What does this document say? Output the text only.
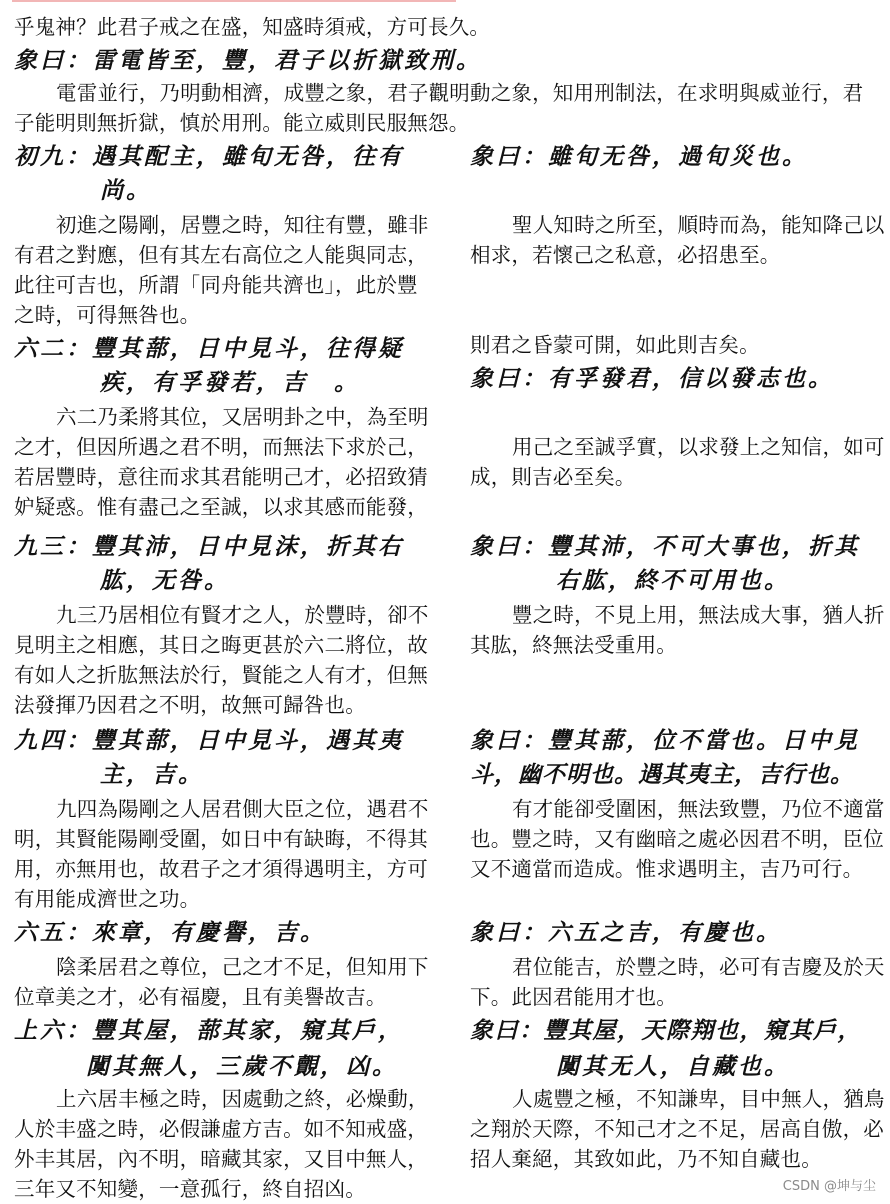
乎鬼神？此君子戒之在盛，知盛時須戒，方可長久。
象曰：雷電皆至，豐，君子以折獄致刑。
電雷並行，乃明動相濟，成豐之象，君子觀明動之象，知用刑制法，在求明與威並行，君
子能明則無折獄，慎於用刑。能立威則民服無怨。
初九：遇其配主，雖旬无咎，往有
尚。
初進之陽剛，居豐之時，知往有豐，雖非
有君之對應，但有其左右高位之人能與同志，
此往可吉也，所謂「同舟能共濟也」，此於豐
之時，可得無咎也。
六二：豐其蔀，日中見斗，往得疑
疾，有孚發若，吉　。
六二乃柔將其位，又居明卦之中，為至明
之才，但因所遇之君不明，而無法下求於己，
若居豐時，意往而求其君能明己才，必招致猜
妒疑惑。惟有盡己之至誠，以求其感而能發，
九三：豐其沛，日中見沫，折其右
肱，无咎。
九三乃居相位有賢才之人，於豐時，卻不
見明主之相應，其日之晦更甚於六二將位，故
有如人之折肱無法於行，賢能之人有才，但無
法發揮乃因君之不明，故無可歸咎也。
九四：豐其蔀，日中見斗，遇其夷
主，吉。
九四為陽剛之人居君側大臣之位，遇君不
明，其賢能陽剛受圍，如日中有缺晦，不得其
用，亦無用也，故君子之才須得遇明主，方可
有用能成濟世之功。
六五：來章，有慶譽，吉。
陰柔居君之尊位，己之才不足，但知用下
位章美之才，必有福慶，且有美譽故吉。
上六：豐其屋，蔀其家，窺其戶，
闃其無人，三歲不覿，凶。
上六居丰極之時，因處動之終，必燥動，
人於丰盛之時，必假謙虛方吉。如不知戒盛，
外丰其居，內不明，暗藏其家，又目中無人，
三年又不知變，一意孤行，終自招凶。
象曰：雖旬无咎，過旬災也。
聖人知時之所至，順時而為，能知降己以
相求，若懷己之私意，必招患至。
則君之昏蒙可開，如此則吉矣。
象曰：有孚發君，信以發志也。
用己之至誠孚實，以求發上之知信，如可
成，則吉必至矣。
象曰：豐其沛，不可大事也，折其
右肱，終不可用也。
豐之時，不見上用，無法成大事，猶人折
其肱，終無法受重用。
象曰：豐其蔀，位不當也。日中見
斗，幽不明也。遇其夷主，吉行也。
有才能卻受圍困，無法致豐，乃位不適當
也。豐之時，又有幽暗之處必因君不明，臣位
又不適當而造成。惟求遇明主，吉乃可行。
象曰：六五之吉，有慶也。
君位能吉，於豐之時，必可有吉慶及於天
下。此因君能用才也。
象曰：豐其屋，天際翔也，窺其戶，
闃其无人，自藏也。
人處豐之極，不知謙卑，目中無人，猶鳥
之翔於天際，不知己才之不足，居高自傲，必
招人棄絕，其致如此，乃不知自藏也。
CSDN @坤与尘
